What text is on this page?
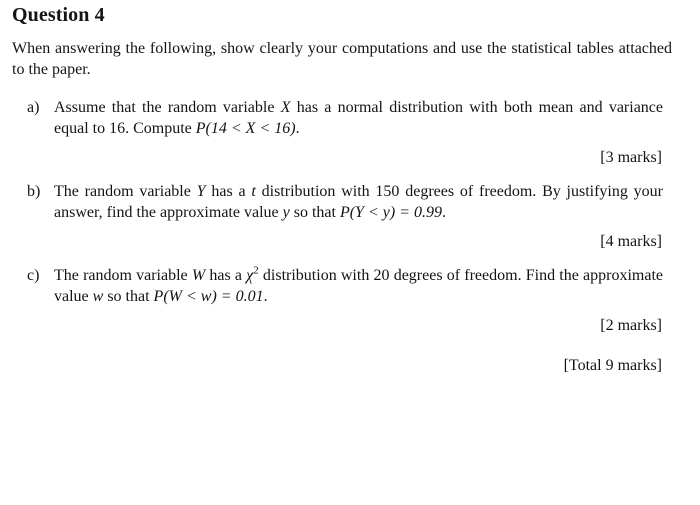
Question 4
When answering the following, show clearly your computations and use the statistical tables attached to the paper.
a) Assume that the random variable X has a normal distribution with both mean and variance equal to 16. Compute P(14 < X < 16).
[3 marks]
b) The random variable Y has a t distribution with 150 degrees of freedom. By justifying your answer, find the approximate value y so that P(Y < y) = 0.99.
[4 marks]
c) The random variable W has a $\chi^2$ distribution with 20 degrees of freedom. Find the approximate value w so that P(W < w) = 0.01.
[2 marks]
[Total 9 marks]
